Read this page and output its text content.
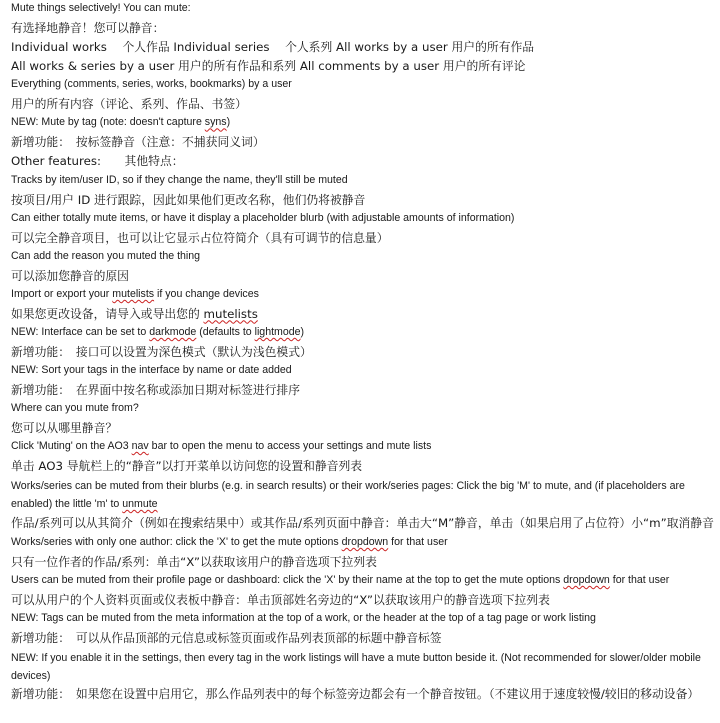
Mute things selectively! You can mute:

有选择地静音！您可以静音：

Individual works　 个人作品 Individual series　 个人系列 All works by a user 用户的所有作品

All works & series by a user 用户的所有作品和系列 All comments by a user 用户的所有评论

Everything (comments, series, works, bookmarks) by a user

用户的所有内容（评论、系列、作品、书签）

NEW: Mute by tag (note: doesn't capture syns)

新增功能：　按标签静音（注意：不捕获同义词）

Other features:　　其他特点：

Tracks by item/user ID, so if they change the name, they'll still be muted

按项目/用户 ID 进行跟踪，因此如果他们更改名称，他们仍将被静音

Can either totally mute items, or have it display a placeholder blurb (with adjustable amounts of information)

可以完全静音项目，也可以让它显示占位符简介（具有可调节的信息量）

Can add the reason you muted the thing

可以添加您静音的原因

Import or export your mutelists if you change devices

如果您更改设备，请导入或导出您的 mutelists

NEW: Interface can be set to darkmode (defaults to lightmode)

新增功能：　接口可以设置为深色模式（默认为浅色模式）

NEW: Sort your tags in the interface by name or date added

新增功能：　在界面中按名称或添加日期对标签进行排序

Where can you mute from?

您可以从哪里静音？

Click 'Muting' on the AO3 nav bar to open the menu to access your settings and mute lists

单击 AO3 导航栏上的“静音”以打开菜单以访问您的设置和静音列表

Works/series can be muted from their blurbs (e.g. in search results) or their work/series pages: Click the big 'M' to mute, and (if placeholders are enabled) the little 'm' to unmute

作品/系列可以从其简介（例如在搜索结果中）或其作品/系列页面中静音：单击大“M”静音，单击（如果启用了占位符）小“m”取消静音

Works/series with only one author: click the 'X' to get the mute options dropdown for that user

只有一位作者的作品/系列：单击“X”以获取该用户的静音选项下拉列表

Users can be muted from their profile page or dashboard: click the 'X' by their name at the top to get the mute options dropdown for that user

可以从用户的个人资料页面或仪表板中静音：单击顶部姓名旁边的“X”以获取该用户的静音选项下拉列表

NEW: Tags can be muted from the meta information at the top of a work, or the header at the top of a tag page or work listing

新增功能：　可以从作品顶部的元信息或标签页面或作品列表顶部的标题中静音标签

NEW: If you enable it in the settings, then every tag in the work listings will have a mute button beside it. (Not recommended for slower/older mobile devices)

新增功能：　如果您在设置中启用它，那么作品列表中的每个标签旁边都会有一个静音按钮。（不建议用于速度较慢/较旧的移动设备）
